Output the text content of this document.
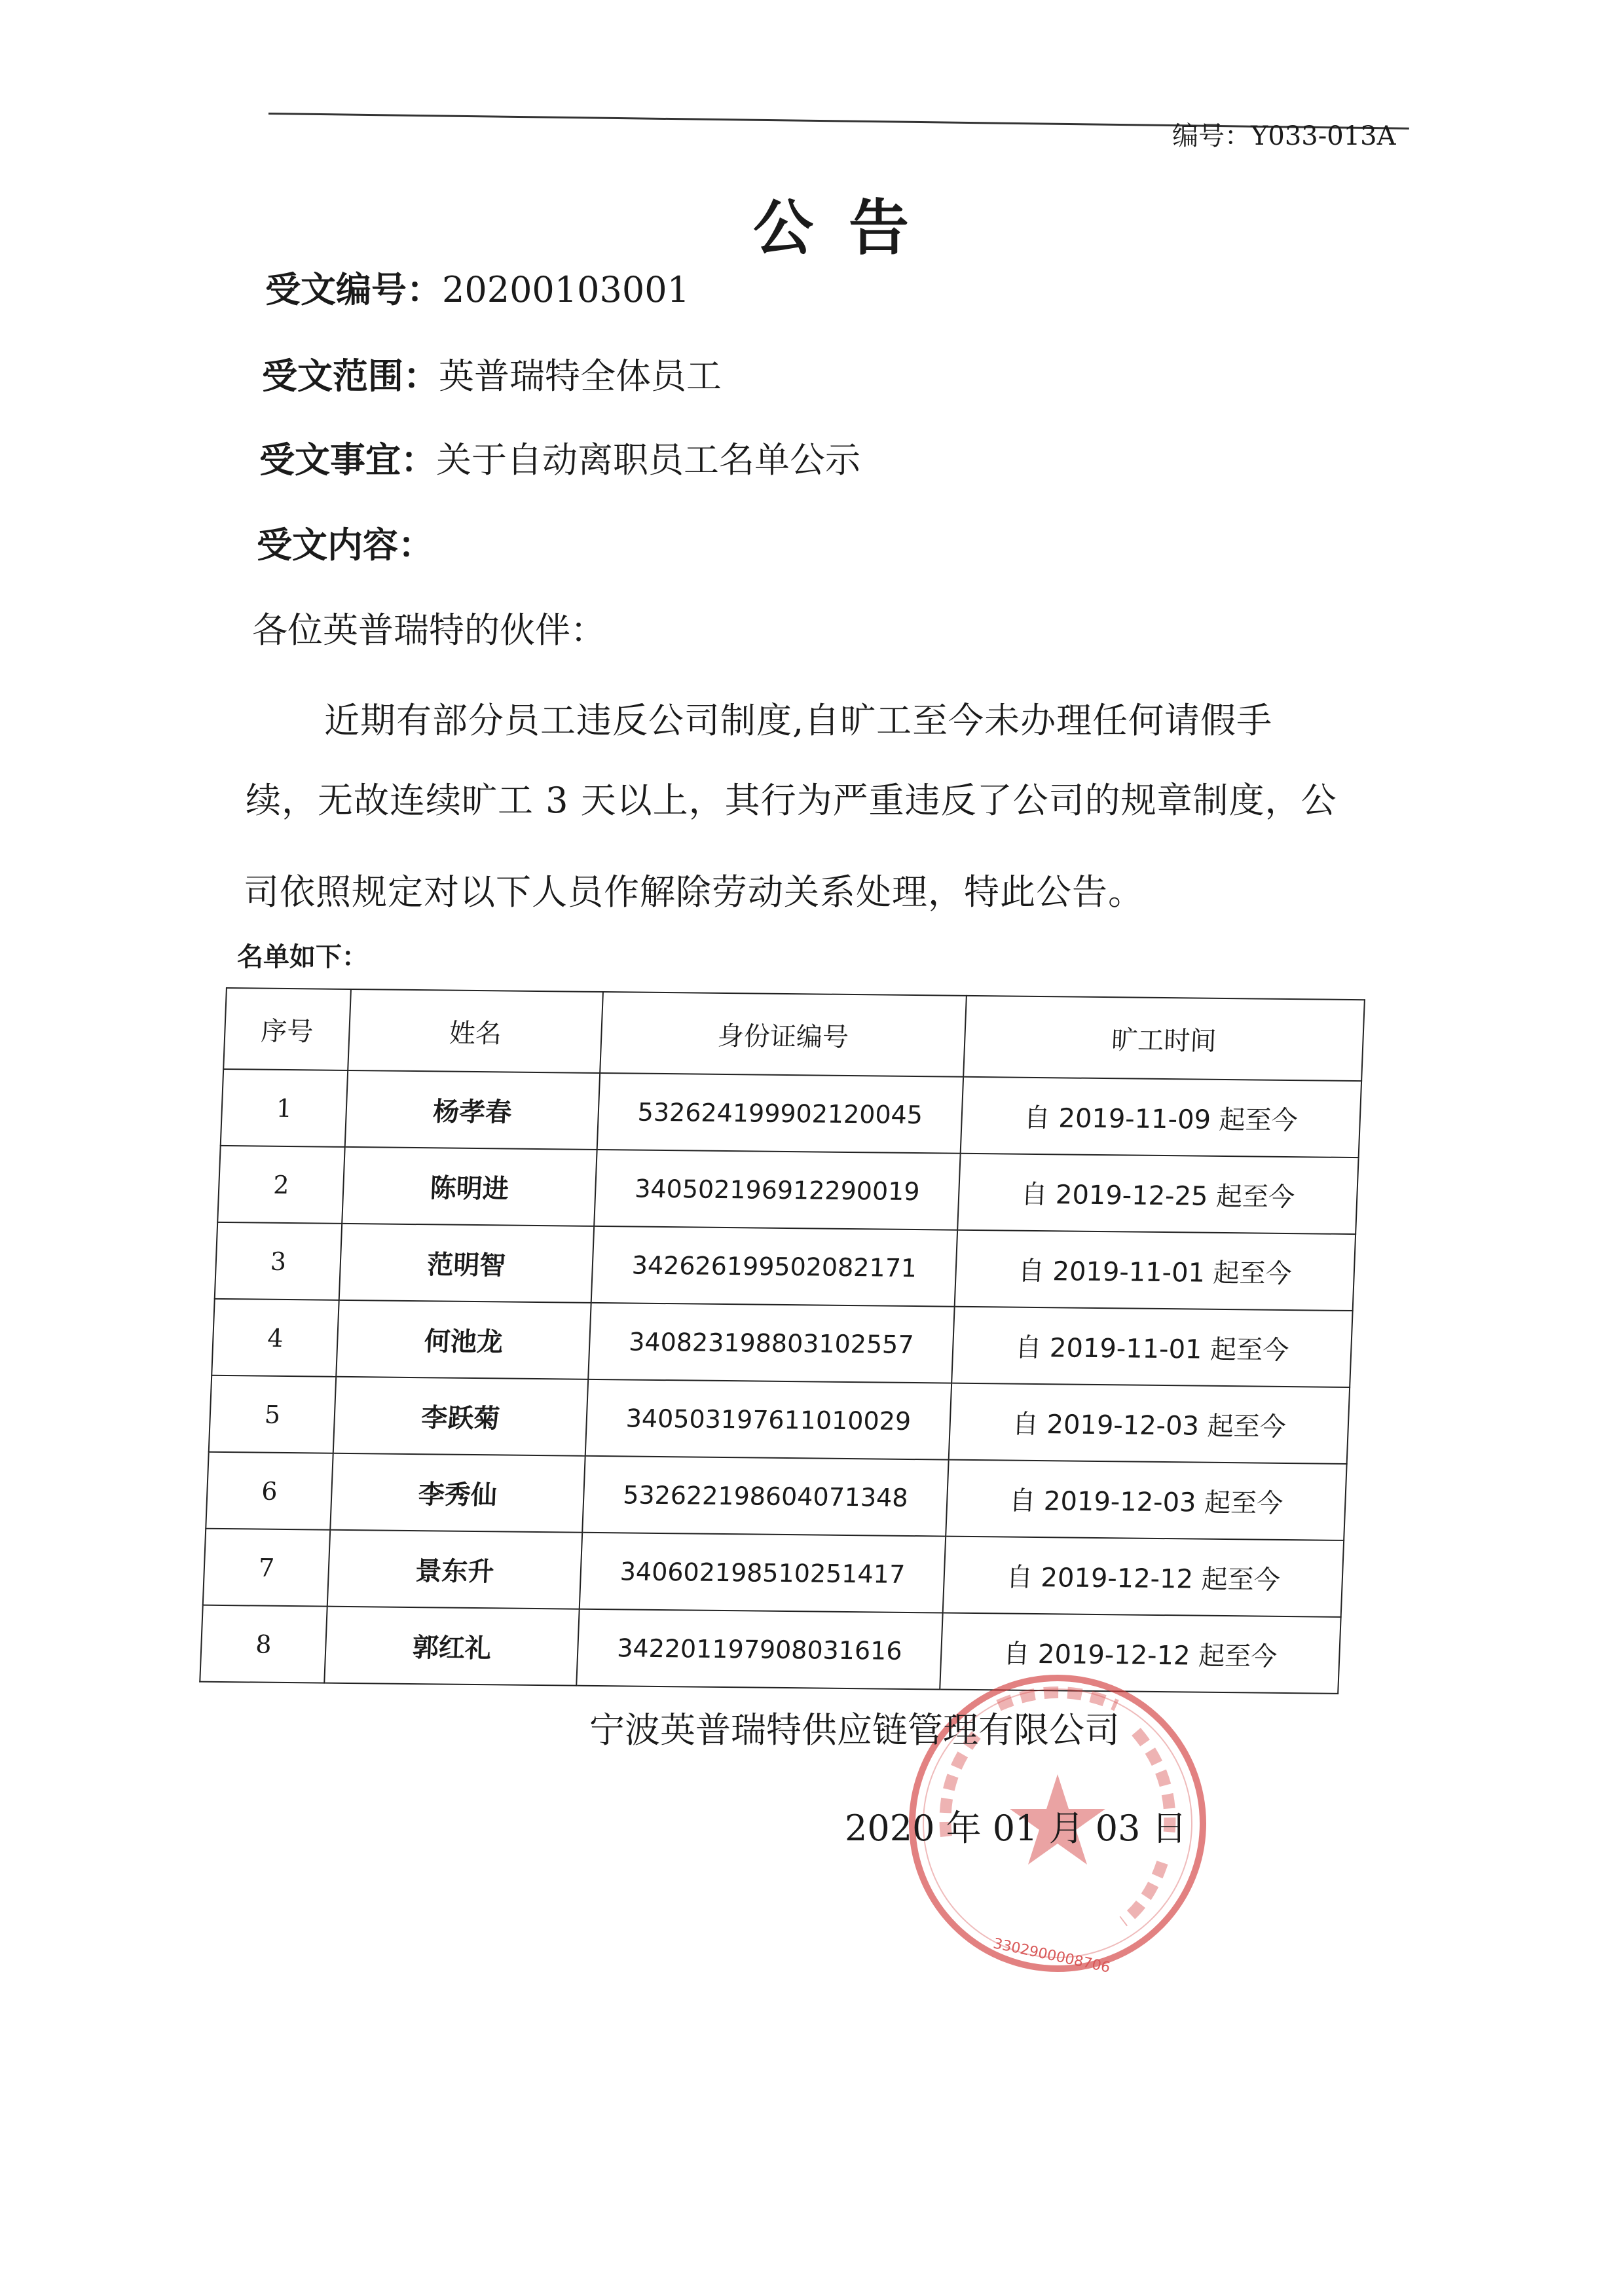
编号：Y033-013A
公告
受文编号：20200103001
受文范围：英普瑞特全体员工
受文事宜：关于自动离职员工名单公示
受文内容：
各位英普瑞特的伙伴：
近期有部分员工违反公司制度,自旷工至今未办理任何请假手
续，无故连续旷工 3 天以上，其行为严重违反了公司的规章制度，公
司依照规定对以下人员作解除劳动关系处理，特此公告。
名单如下：
序号	姓名	身份证编号	旷工时间
1	杨孝春	532624199902120045	自 2019-11-09 起至今
2	陈明进	340502196912290019	自 2019-12-25 起至今
3	范明智	342626199502082171	自 2019-11-01 起至今
4	何池龙	340823198803102557	自 2019-11-01 起至今
5	李跃菊	340503197611010029	自 2019-12-03 起至今
6	李秀仙	532622198604071348	自 2019-12-03 起至今
7	景东升	340602198510251417	自 2019-12-12 起至今
8	郭红礼	342201197908031616	自 2019-12-12 起至今
3302900008706
宁波英普瑞特供应链管理有限公司
2020 年 01 月 03 日
